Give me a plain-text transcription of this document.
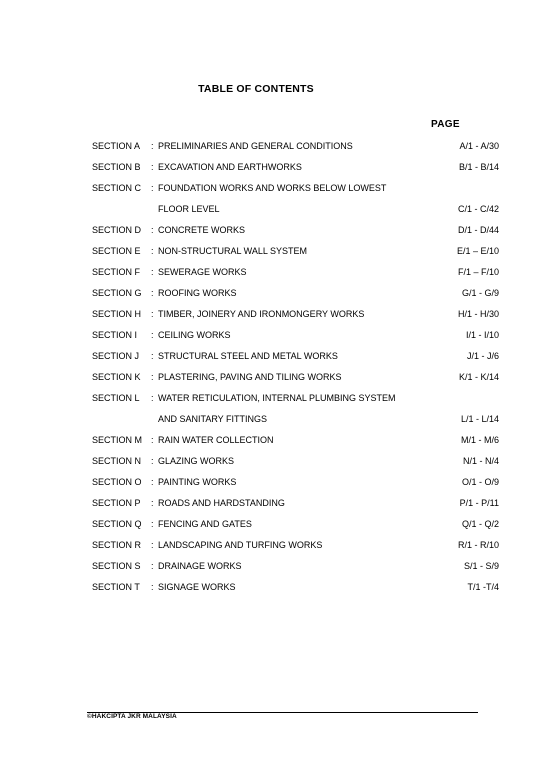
TABLE OF CONTENTS
PAGE
SECTION A : PRELIMINARIES AND GENERAL CONDITIONS	A/1 - A/30
SECTION B : EXCAVATION AND EARTHWORKS	B/1 - B/14
SECTION C : FOUNDATION WORKS AND WORKS BELOW LOWEST
FLOOR LEVEL	C/1 - C/42
SECTION D : CONCRETE WORKS	D/1 - D/44
SECTION E : NON-STRUCTURAL WALL SYSTEM	E/1 – E/10
SECTION F : SEWERAGE WORKS	F/1 – F/10
SECTION G : ROOFING WORKS	G/1 - G/9
SECTION H : TIMBER, JOINERY AND IRONMONGERY WORKS	H/1 - H/30
SECTION I : CEILING WORKS	I/1 - I/10
SECTION J : STRUCTURAL STEEL AND METAL WORKS	J/1 - J/6
SECTION K : PLASTERING, PAVING AND TILING WORKS	K/1 - K/14
SECTION L : WATER RETICULATION, INTERNAL PLUMBING SYSTEM
AND SANITARY FITTINGS	L/1 - L/14
SECTION M : RAIN WATER COLLECTION	M/1 - M/6
SECTION N : GLAZING WORKS	N/1 - N/4
SECTION O : PAINTING WORKS	O/1 - O/9
SECTION P : ROADS AND HARDSTANDING	P/1 - P/11
SECTION Q : FENCING AND GATES	Q/1 - Q/2
SECTION R : LANDSCAPING AND TURFING WORKS	R/1 - R/10
SECTION S : DRAINAGE WORKS	S/1 - S/9
SECTION T : SIGNAGE WORKS	T/1 -T/4
©HAKCIPTA JKR MALAYSIA
